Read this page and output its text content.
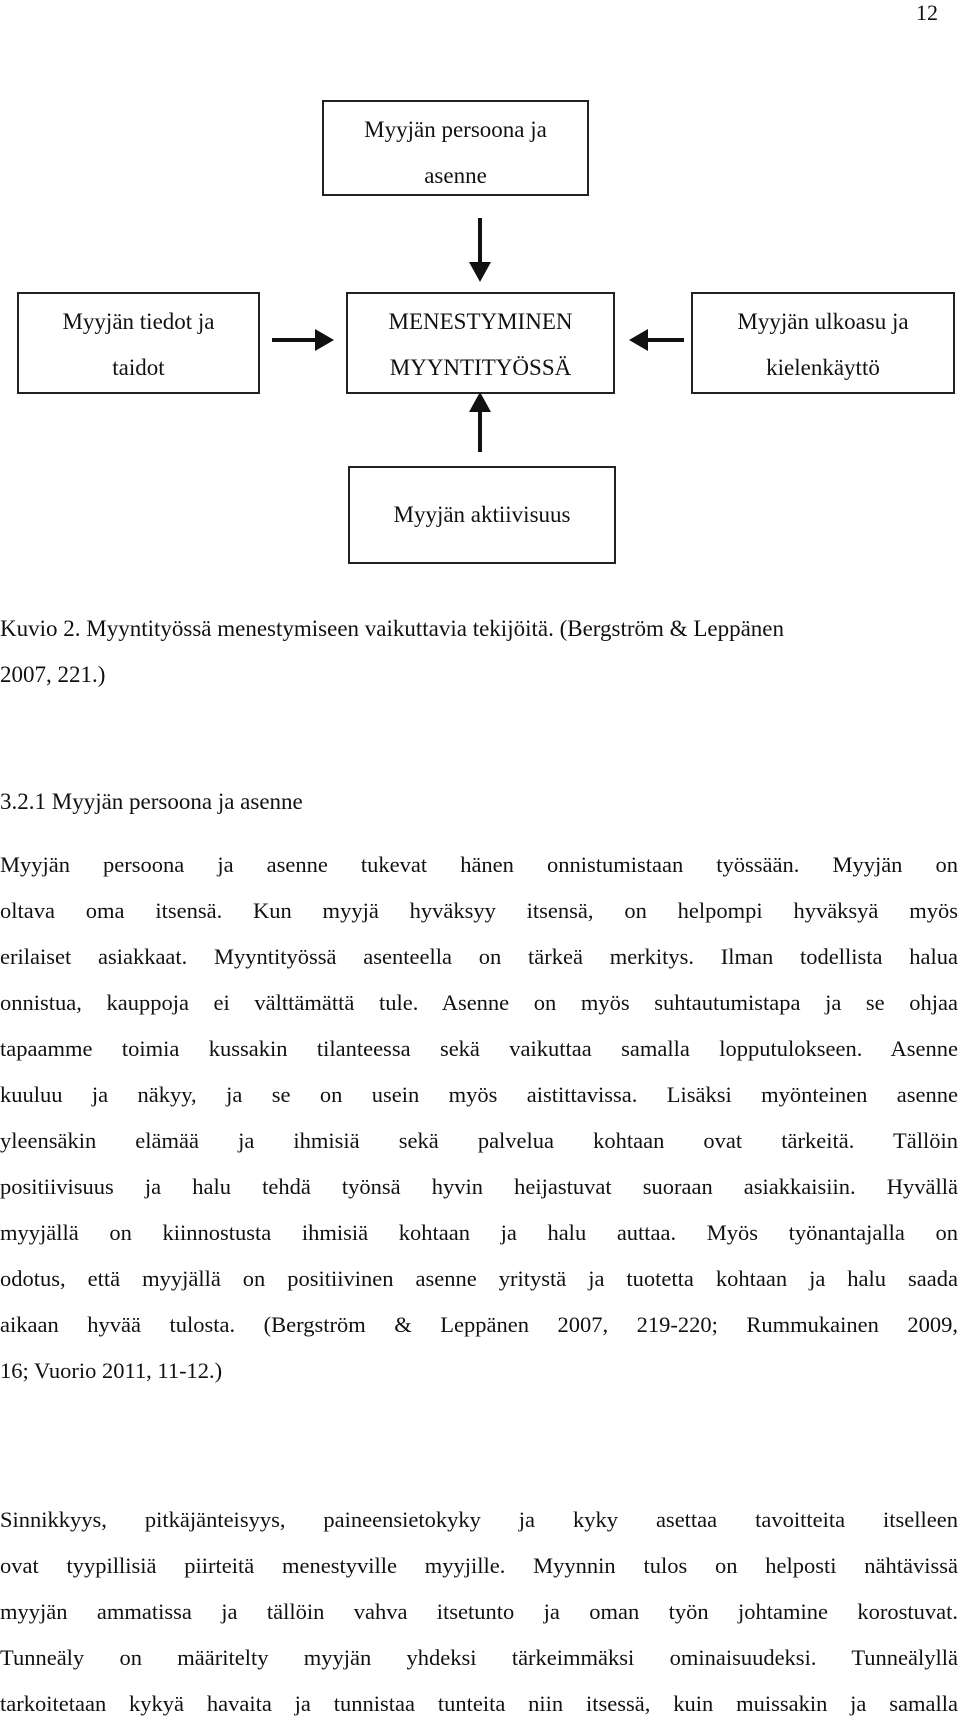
12
Myyjän persoona ja
asenne
Myyjän tiedot ja
taidot
MENESTYMINEN
MYYNTITYÖSSÄ
Myyjän ulkoasu ja
kielenkäyttö
Myyjän aktiivisuus
Kuvio 2. Myyntityössä menestymiseen vaikuttavia tekijöitä. (Bergström & Leppänen
2007, 221.)
3.2.1 Myyjän persoona ja asenne
Myyjän persoona ja asenne tukevat hänen onnistumistaan työssään. Myyjän on
oltava oma itsensä. Kun myyjä hyväksyy itsensä, on helpompi hyväksyä myös
erilaiset asiakkaat. Myyntityössä asenteella on tärkeä merkitys. Ilman todellista halua
onnistua, kauppoja ei välttämättä tule. Asenne on myös suhtautumistapa ja se ohjaa
tapaamme toimia kussakin tilanteessa sekä vaikuttaa samalla lopputulokseen. Asenne
kuuluu ja näkyy, ja se on usein myös aistittavissa. Lisäksi myönteinen asenne
yleensäkin elämää ja ihmisiä sekä palvelua kohtaan ovat tärkeitä. Tällöin
positiivisuus ja halu tehdä työnsä hyvin heijastuvat suoraan asiakkaisiin. Hyvällä
myyjällä on kiinnostusta ihmisiä kohtaan ja halu auttaa. Myös työnantajalla on
odotus, että myyjällä on positiivinen asenne yritystä ja tuotetta kohtaan ja halu saada
aikaan hyvää tulosta. (Bergström & Leppänen 2007, 219-220; Rummukainen 2009,
16; Vuorio 2011, 11-12.)
Sinnikkyys, pitkäjänteisyys, paineensietokyky ja kyky asettaa tavoitteita itselleen
ovat tyypillisiä piirteitä menestyville myyjille. Myynnin tulos on helposti nähtävissä
myyjän ammatissa ja tällöin vahva itsetunto ja oman työn johtamine korostuvat.
Tunneäly on määritelty myyjän yhdeksi tärkeimmäksi ominaisuudeksi. Tunneälyllä
tarkoitetaan kykyä havaita ja tunnistaa tunteita niin itsessä, kuin muissakin ja samalla
